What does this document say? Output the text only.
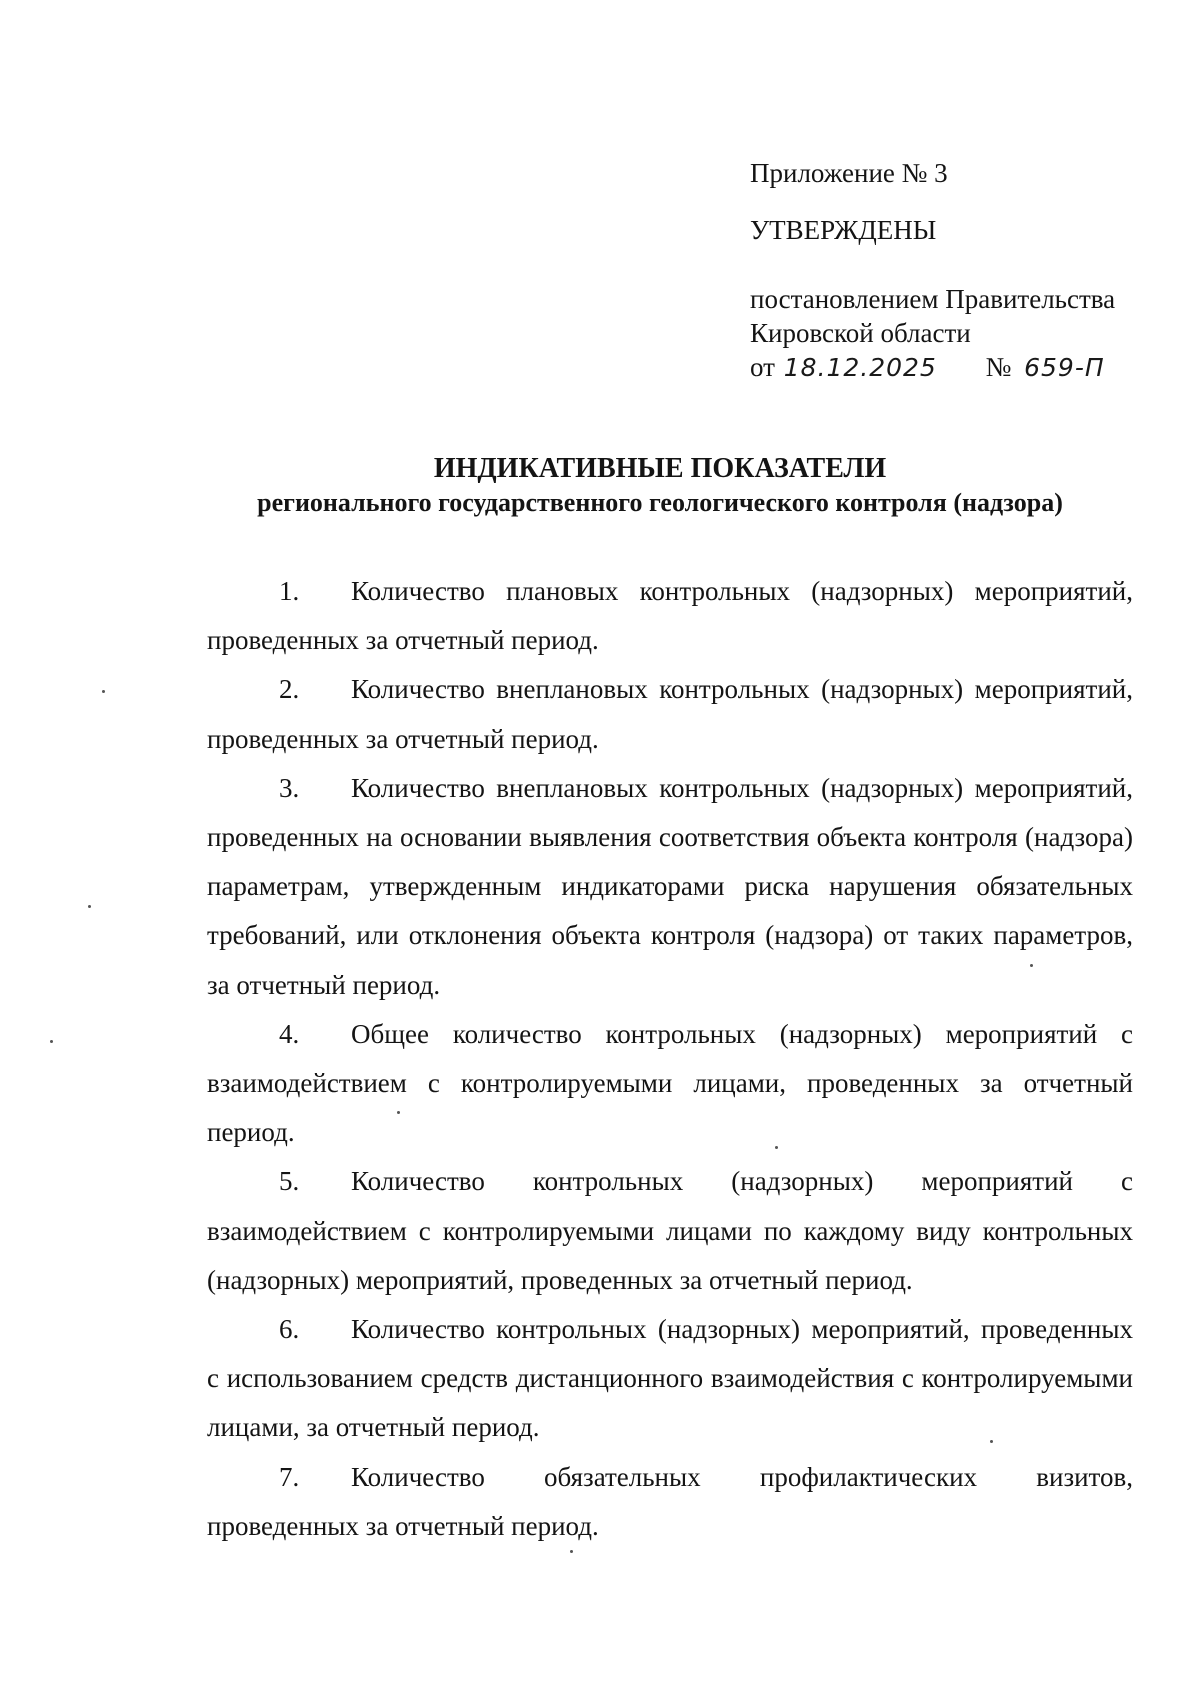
Приложение № 3
УТВЕРЖДЕНЫ
постановлением Правительства
Кировской области
от 18.12.2025 № 659-П
ИНДИКАТИВНЫЕ ПОКАЗАТЕЛИ
регионального государственного геологического контроля (надзора)

1. Количество плановых контрольных (надзорных) мероприятий, проведенных за отчетный период.

2. Количество внеплановых контрольных (надзорных) мероприятий, проведенных за отчетный период.

3. Количество внеплановых контрольных (надзорных) мероприятий, проведенных на основании выявления соответствия объекта контроля (надзора) параметрам, утвержденным индикаторами риска нарушения обязательных требований, или отклонения объекта контроля (надзора) от таких параметров, за отчетный период.

4. Общее количество контрольных (надзорных) мероприятий с взаимодействием с контролируемыми лицами, проведенных за отчетный период.

5. Количество контрольных (надзорных) мероприятий с взаимодействием с контролируемыми лицами по каждому виду контрольных (надзорных) мероприятий, проведенных за отчетный период.

6. Количество контрольных (надзорных) мероприятий, проведенных с использованием средств дистанционного взаимодействия с контролируемыми лицами, за отчетный период.

7. Количество обязательных профилактических визитов, проведенных за отчетный период.
